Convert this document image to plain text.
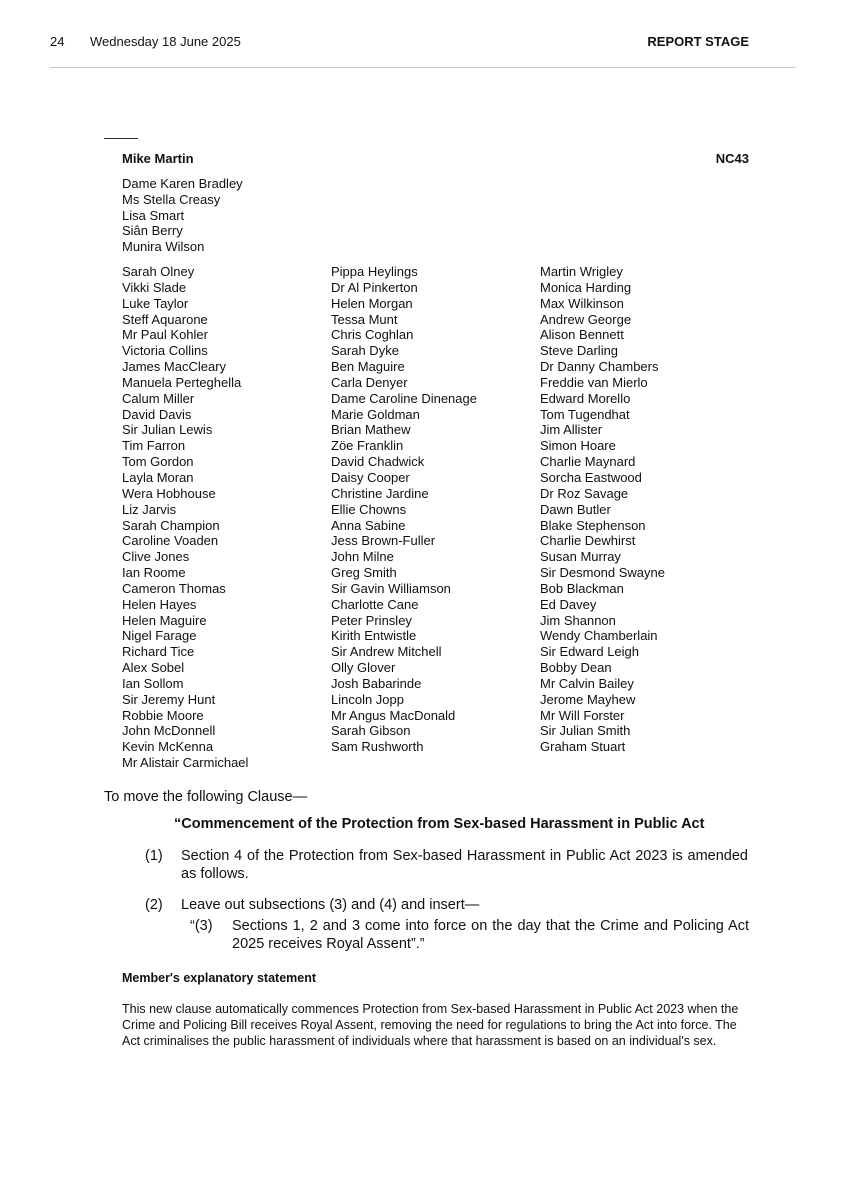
24 Wednesday 18 June 2025	REPORT STAGE
Mike Martin	NC43
Dame Karen Bradley
Ms Stella Creasy
Lisa Smart
Siân Berry
Munira Wilson
Sarah Olney
Vikki Slade
Luke Taylor
Steff Aquarone
Mr Paul Kohler
Victoria Collins
James MacCleary
Manuela Perteghella
Calum Miller
David Davis
Sir Julian Lewis
Tim Farron
Tom Gordon
Layla Moran
Wera Hobhouse
Liz Jarvis
Sarah Champion
Caroline Voaden
Clive Jones
Ian Roome
Cameron Thomas
Helen Hayes
Helen Maguire
Nigel Farage
Richard Tice
Alex Sobel
Ian Sollom
Sir Jeremy Hunt
Robbie Moore
John McDonnell
Kevin McKenna
Mr Alistair Carmichael
Pippa Heylings
Dr Al Pinkerton
Helen Morgan
Tessa Munt
Chris Coghlan
Sarah Dyke
Ben Maguire
Carla Denyer
Dame Caroline Dinenage
Marie Goldman
Brian Mathew
Zöe Franklin
David Chadwick
Daisy Cooper
Christine Jardine
Ellie Chowns
Anna Sabine
Jess Brown-Fuller
John Milne
Greg Smith
Sir Gavin Williamson
Charlotte Cane
Peter Prinsley
Kirith Entwistle
Sir Andrew Mitchell
Olly Glover
Josh Babarinde
Lincoln Jopp
Mr Angus MacDonald
Sarah Gibson
Sam Rushworth
Martin Wrigley
Monica Harding
Max Wilkinson
Andrew George
Alison Bennett
Steve Darling
Dr Danny Chambers
Freddie van Mierlo
Edward Morello
Tom Tugendhat
Jim Allister
Simon Hoare
Charlie Maynard
Sorcha Eastwood
Dr Roz Savage
Dawn Butler
Blake Stephenson
Charlie Dewhirst
Susan Murray
Sir Desmond Swayne
Bob Blackman
Ed Davey
Jim Shannon
Wendy Chamberlain
Sir Edward Leigh
Bobby Dean
Mr Calvin Bailey
Jerome Mayhew
Mr Will Forster
Sir Julian Smith
Graham Stuart
To move the following Clause—
“Commencement of the Protection from Sex-based Harassment in Public Act
(1) Section 4 of the Protection from Sex-based Harassment in Public Act 2023 is amended as follows.
(2) Leave out subsections (3) and (4) and insert—
“(3) Sections 1, 2 and 3 come into force on the day that the Crime and Policing Act 2025 receives Royal Assent”.”
Member's explanatory statement
This new clause automatically commences Protection from Sex-based Harassment in Public Act 2023 when the Crime and Policing Bill receives Royal Assent, removing the need for regulations to bring the Act into force. The Act criminalises the public harassment of individuals where that harassment is based on an individual's sex.
